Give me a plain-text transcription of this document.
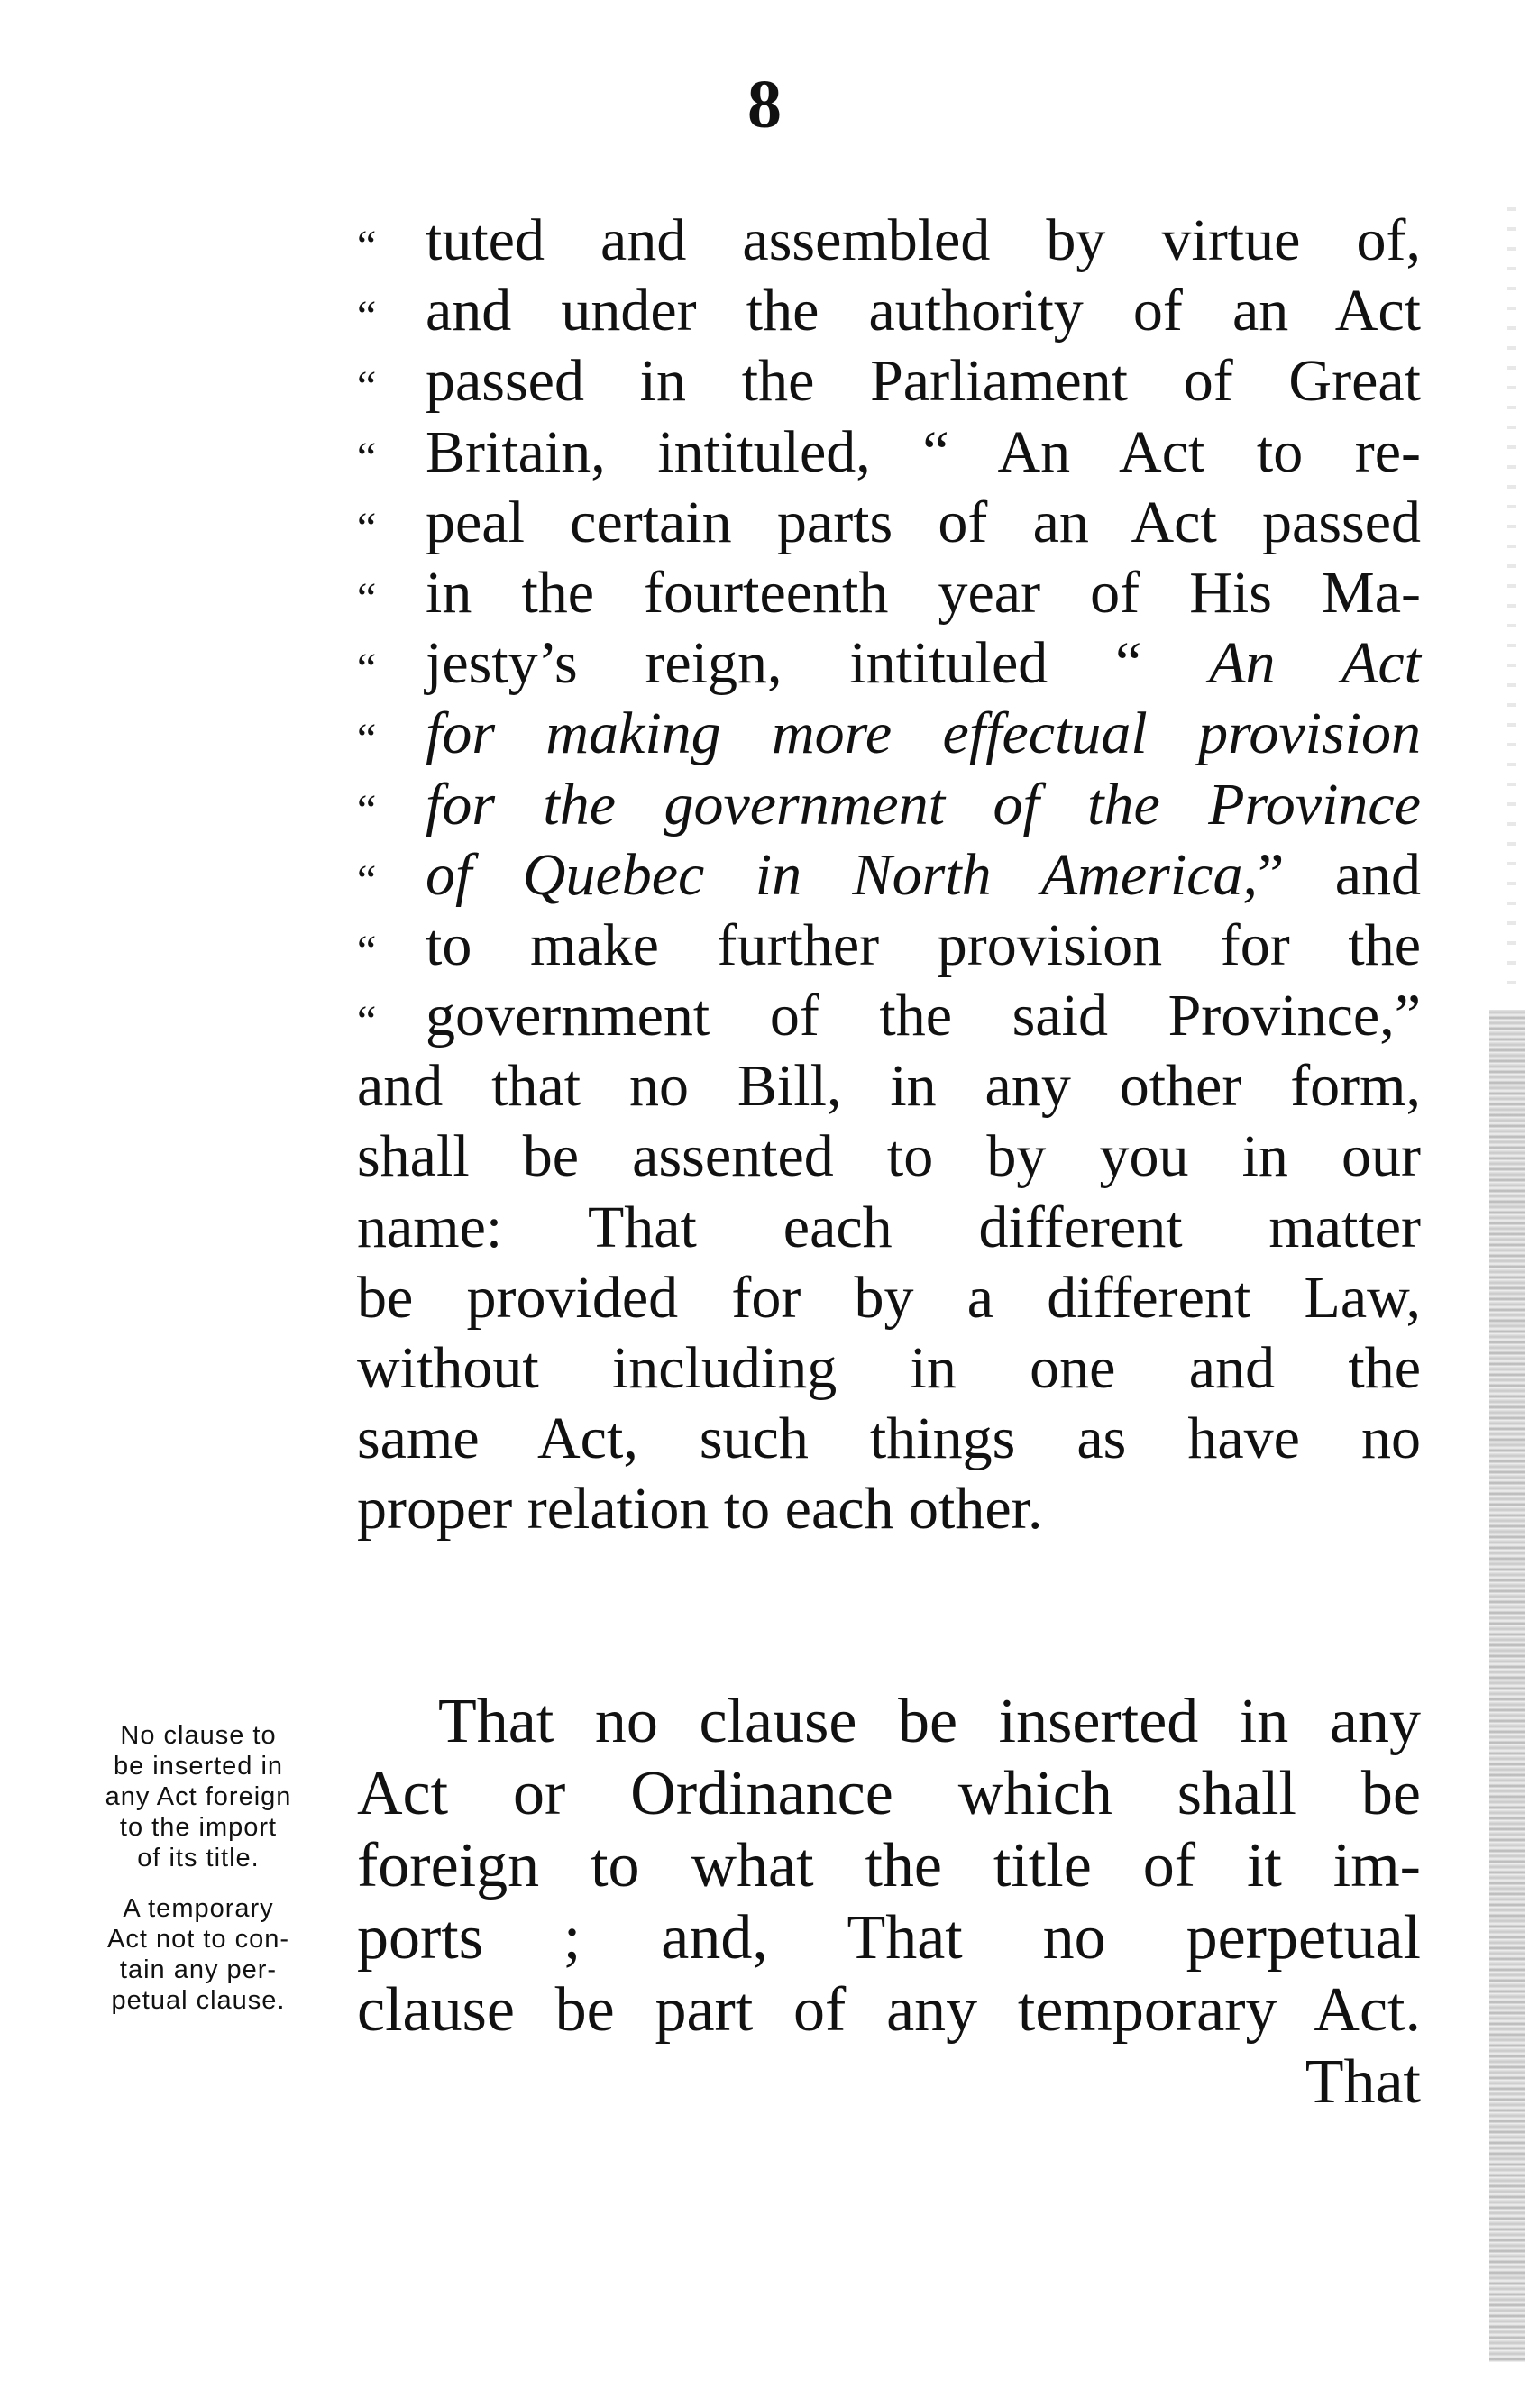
8
“ tuted and assembled by virtue of,
“ and under the authority of an Act
“ passed in the Parliament of Great
“ Britain, intituled, “ An Act to re-
“ peal certain parts of an Act passed
“ in the fourteenth year of His Ma-
“ jesty’s reign, intituled “ An Act
“ for making more effectual provision
“ for the government of the Province
“ of Quebec in North America,” and
“ to make further provision for the
“ government of the said Province,”
and that no Bill, in any other form,
shall be assented to by you in our
name: That each different matter
be provided for by a different Law,
without including in one and the
same Act, such things as have no
proper relation to each other.
No clause to
be inserted in
any Act foreign
to the import
of its title.
A temporary
Act not to con-
tain any per-
petual clause.
That no clause be inserted in any
Act or Ordinance which shall be
foreign to what the title of it im-
ports ; and, That no perpetual
clause be part of any temporary Act.
That
